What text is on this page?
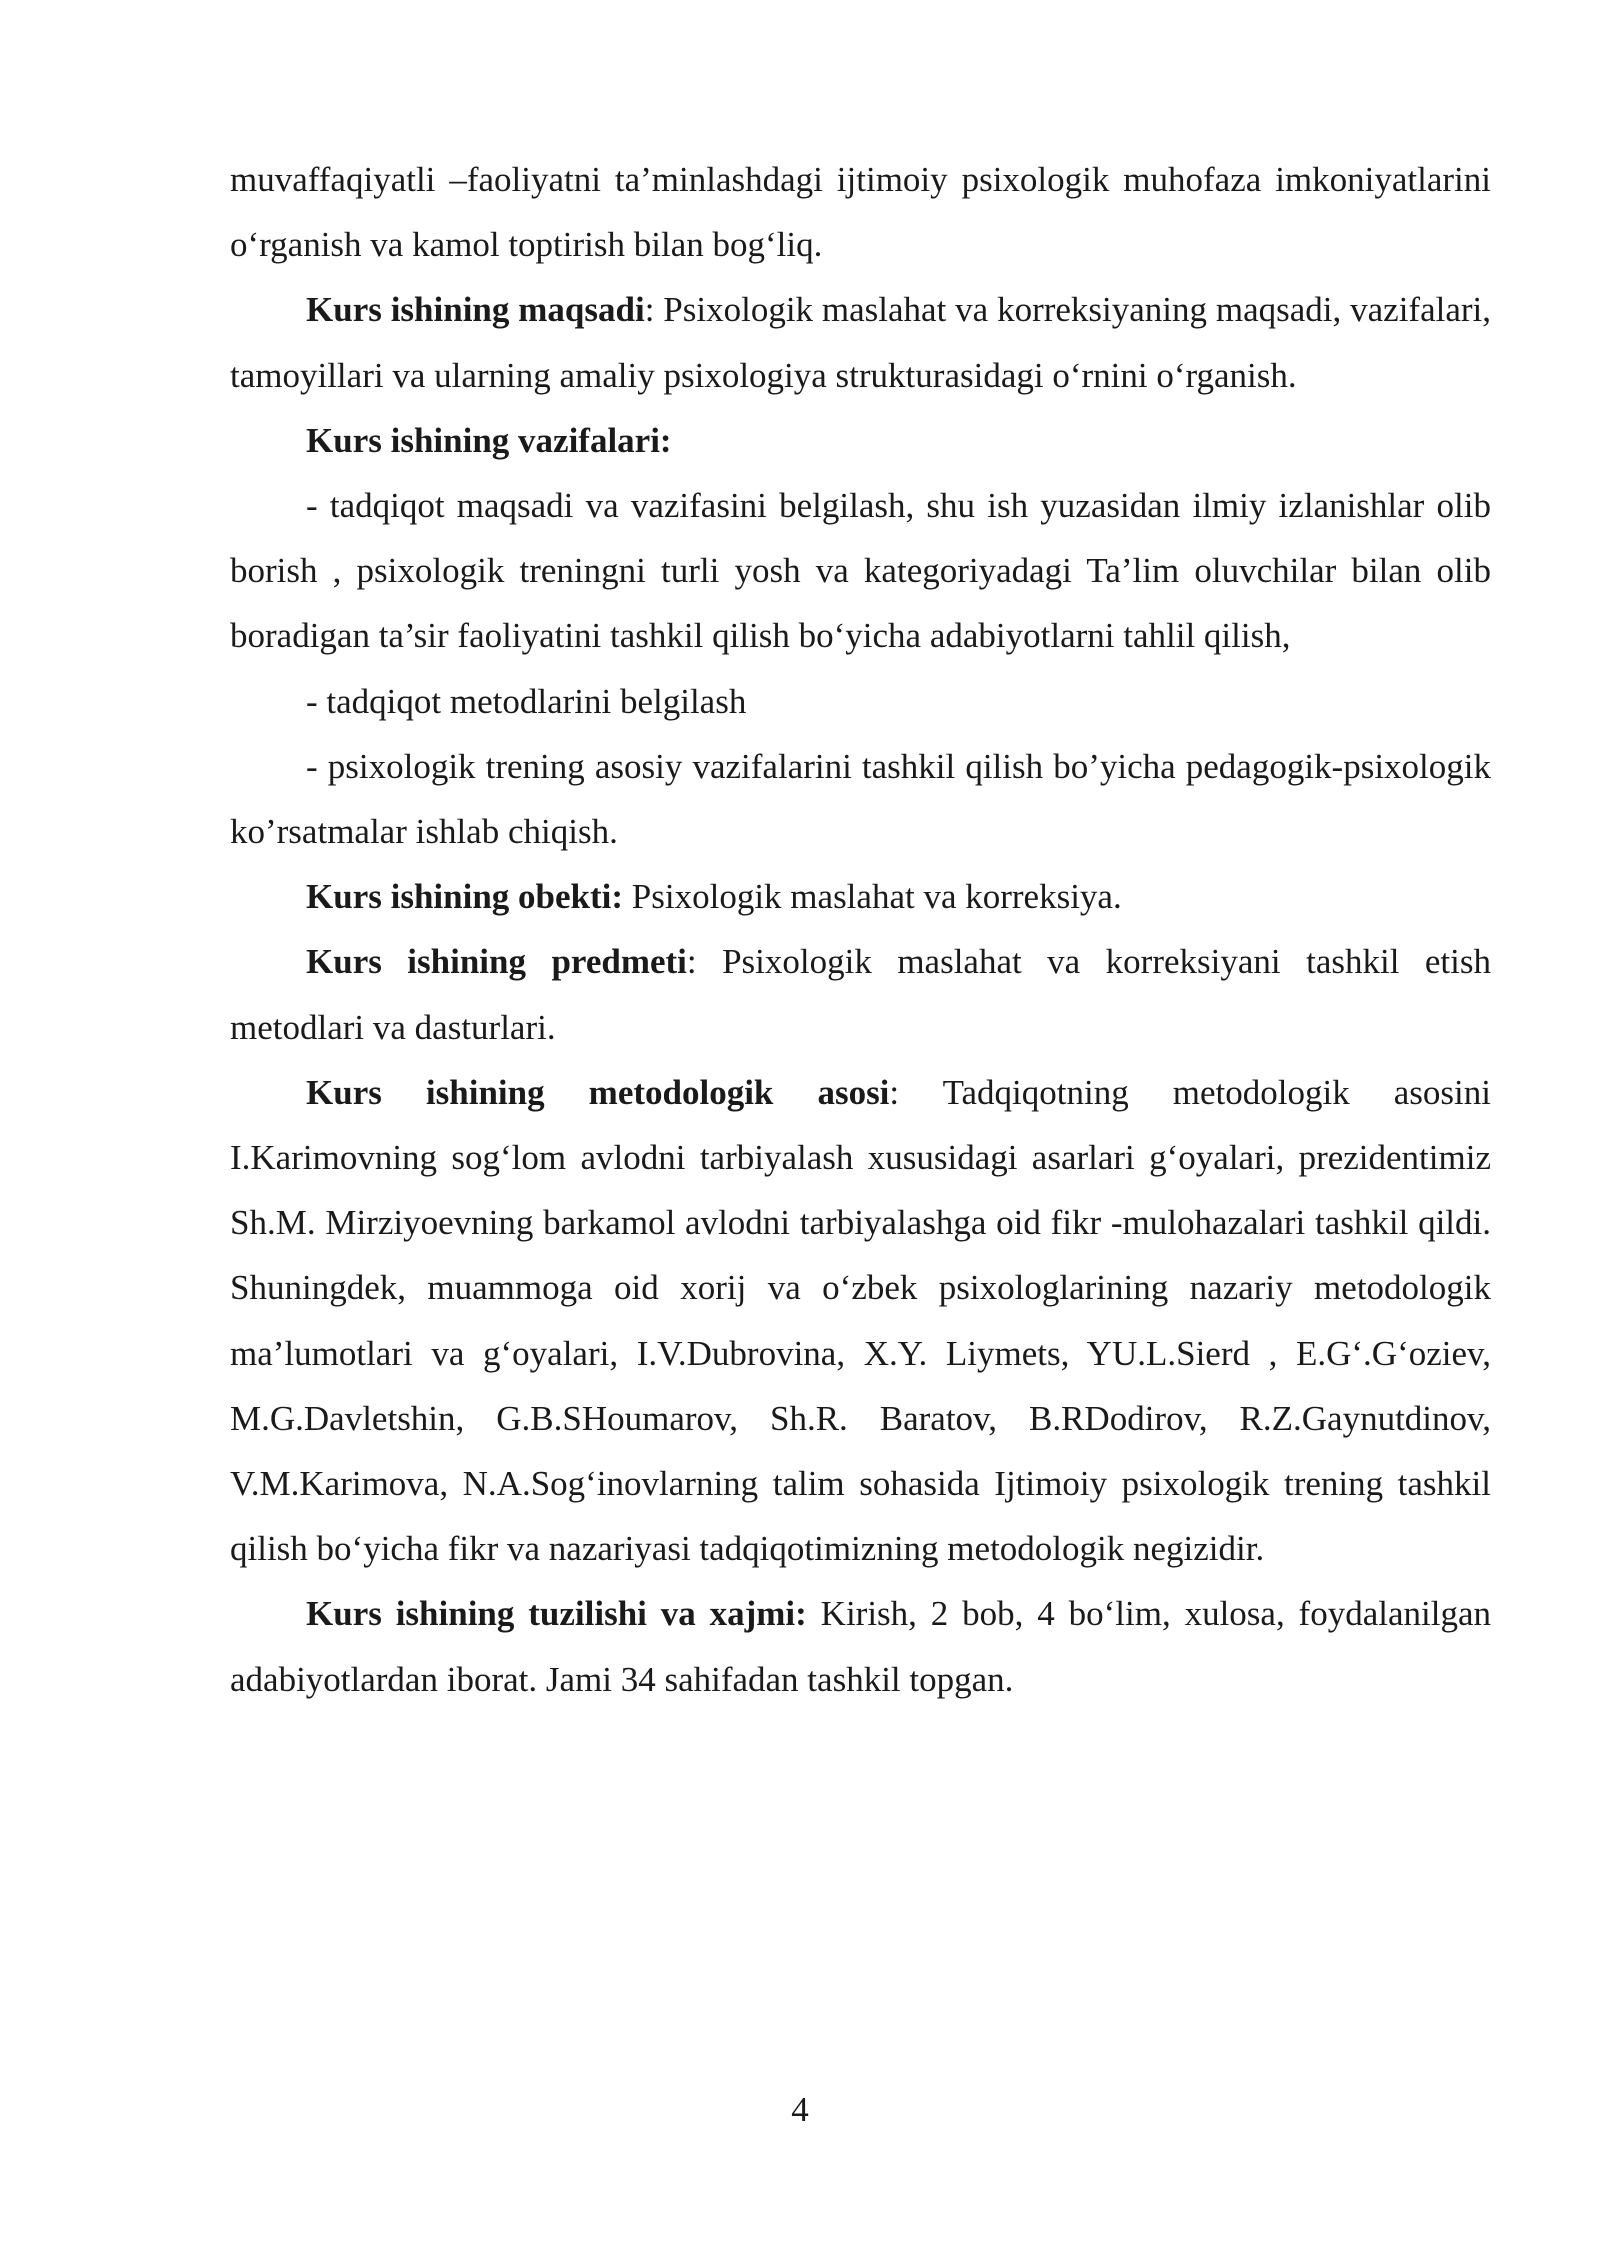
muvaffaqiyatli –faoliyatni ta’minlashdagi ijtimoiy psixologik muhofaza imkoniyatlarini o‘rganish va kamol toptirish bilan bog‘liq.

Kurs ishining maqsadi: Psixologik maslahat va korreksiyaning maqsadi, vazifalari, tamoyillari va ularning amaliy psixologiya strukturasidagi o‘rnini o‘rganish.

Kurs ishining vazifalari:

- tadqiqot maqsadi va vazifasini belgilash, shu ish yuzasidan ilmiy izlanishlar olib borish , psixologik treningni turli yosh va kategoriyadagi Ta’lim oluvchilar bilan olib boradigan ta’sir faoliyatini tashkil qilish bo‘yicha adabiyotlarni tahlil qilish,

- tadqiqot metodlarini belgilash

- psixologik trening asosiy vazifalarini tashkil qilish bo’yicha pedagogik-psixologik ko’rsatmalar ishlab chiqish.

Kurs ishining obekti: Psixologik maslahat va korreksiya.

Kurs ishining predmeti: Psixologik maslahat va korreksiyani tashkil etish metodlari va dasturlari.

Kurs ishining metodologik asosi: Tadqiqotning metodologik asosini I.Karimovning sog‘lom avlodni tarbiyalash xususidagi asarlari g‘oyalari, prezidentimiz Sh.M. Mirziyoevning barkamol avlodni tarbiyalashga oid fikr -mulohazalari tashkil qildi. Shuningdek, muammoga oid xorij va o‘zbek psixologlarining nazariy metodologik ma’lumotlari va g‘oyalari, I.V.Dubrovina, X.Y. Liymets, YU.L.Sierd , E.G‘.G‘oziev, M.G.Davletshin, G.B.SHoumarov, Sh.R. Baratov, B.RDodirov, R.Z.Gaynutdinov, V.M.Karimova, N.A.Sog‘inovlarning talim sohasida Ijtimoiy psixologik trening tashkil qilish bo‘yicha fikr va nazariyasi tadqiqotimizning metodologik negizidir.

Kurs ishining tuzilishi va xajmi: Kirish, 2 bob, 4 bo‘lim, xulosa, foydalanilgan adabiyotlardan iborat. Jami 34 sahifadan tashkil topgan.

4
